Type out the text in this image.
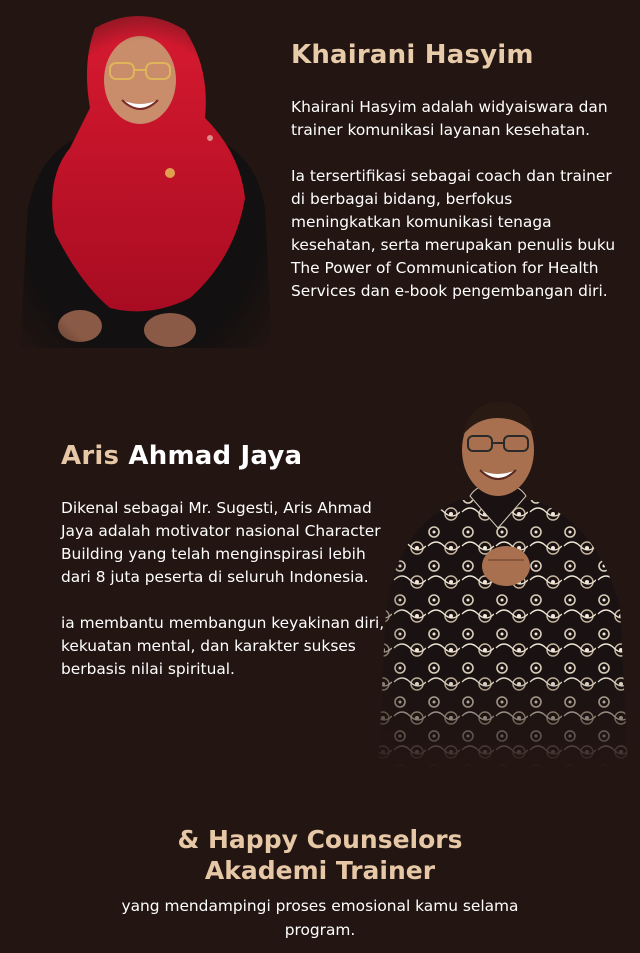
Khairani Hasyim

Khairani Hasyim adalah widyaiswara dan trainer komunikasi layanan kesehatan.

Ia tersertifikasi sebagai coach dan trainer di berbagai bidang, berfokus meningkatkan komunikasi tenaga kesehatan, serta merupakan penulis buku The Power of Communication for Health Services dan e-book pengembangan diri.

Aris Ahmad Jaya

Dikenal sebagai Mr. Sugesti, Aris Ahmad Jaya adalah motivator nasional Character Building yang telah menginspirasi lebih dari 8 juta peserta di seluruh Indonesia.

ia membantu membangun keyakinan diri, kekuatan mental, dan karakter sukses berbasis nilai spiritual.

& Happy Counselors
Akademi Trainer

yang mendampingi proses emosional kamu selama program.
